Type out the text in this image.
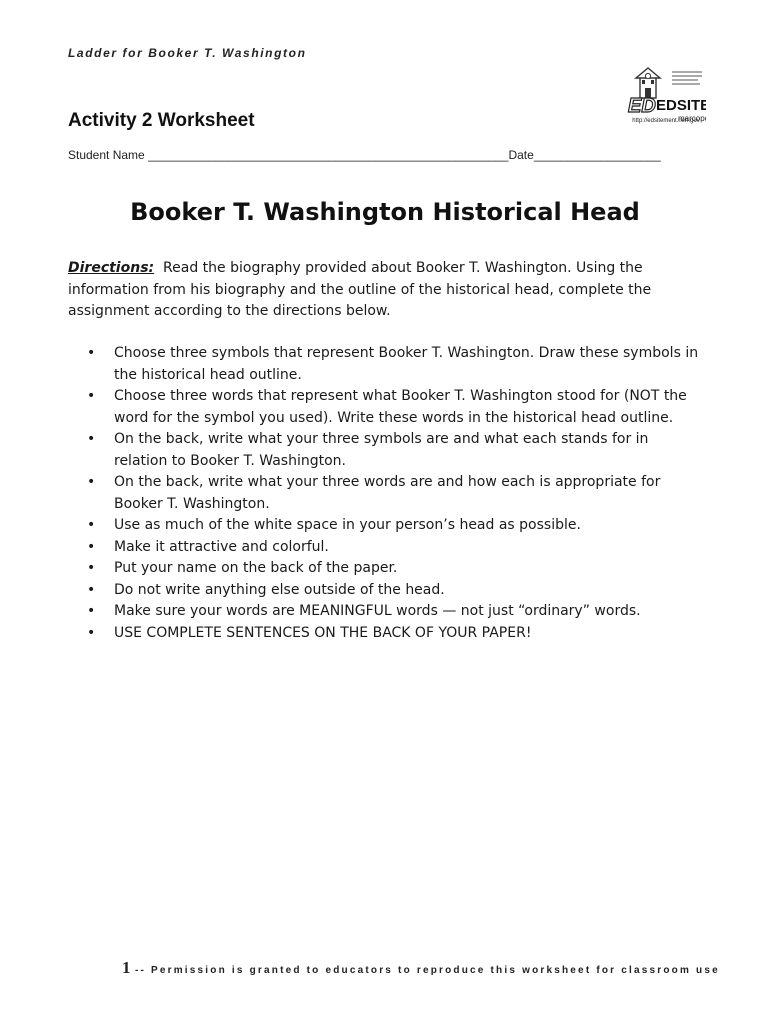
Ladder for Booker T. Washington
ED EDSITE
marcop
http://edsitement.neh.gov
Activity 2 Worksheet
Student Name ______________________________________________________Date___________________
Booker T. Washington Historical Head
Directions: Read the biography provided about Booker T. Washington. Using the information from his biography and the outline of the historical head, complete the assignment according to the directions below.
• Choose three symbols that represent Booker T. Washington. Draw these symbols in the historical head outline.
• Choose three words that represent what Booker T. Washington stood for (NOT the word for the symbol you used). Write these words in the historical head outline.
• On the back, write what your three symbols are and what each stands for in relation to Booker T. Washington.
• On the back, write what your three words are and how each is appropriate for Booker T. Washington.
• Use as much of the white space in your person’s head as possible.
• Make it attractive and colorful.
• Put your name on the back of the paper.
• Do not write anything else outside of the head.
• Make sure your words are MEANINGFUL words — not just “ordinary” words.
• USE COMPLETE SENTENCES ON THE BACK OF YOUR PAPER!
1 -- Permission is granted to educators to reproduce this worksheet for classroom use
